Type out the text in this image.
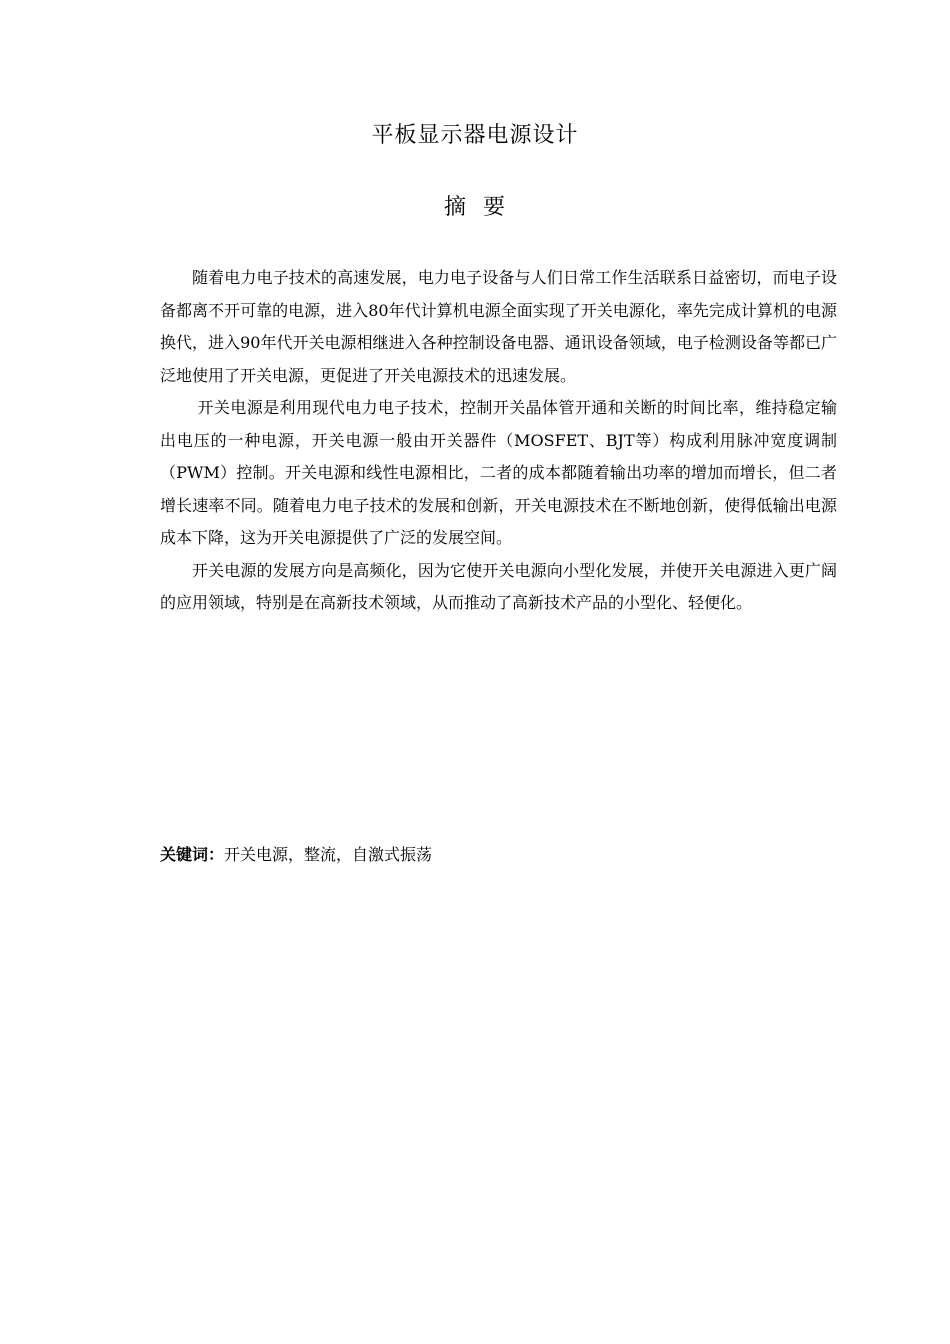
平板显示器电源设计
摘  要

随着电力电子技术的高速发展，电力电子设备与人们日常工作生活联系日益密切，而电子设备都离不开可靠的电源，进入80年代计算机电源全面实现了开关电源化，率先完成计算机的电源换代，进入90年代开关电源相继进入各种控制设备电器、通讯设备领域，电子检测设备等都已广泛地使用了开关电源，更促进了开关电源技术的迅速发展。

开关电源是利用现代电力电子技术，控制开关晶体管开通和关断的时间比率，维持稳定输出电压的一种电源，开关电源一般由开关器件（MOSFET、BJT等）构成利用脉冲宽度调制（PWM）控制。开关电源和线性电源相比，二者的成本都随着输出功率的增加而增长，但二者增长速率不同。随着电力电子技术的发展和创新，开关电源技术在不断地创新，使得低输出电源成本下降，这为开关电源提供了广泛的发展空间。

开关电源的发展方向是高频化，因为它使开关电源向小型化发展，并使开关电源进入更广阔的应用领域，特别是在高新技术领域，从而推动了高新技术产品的小型化、轻便化。

关键词：开关电源，整流，自激式振荡
